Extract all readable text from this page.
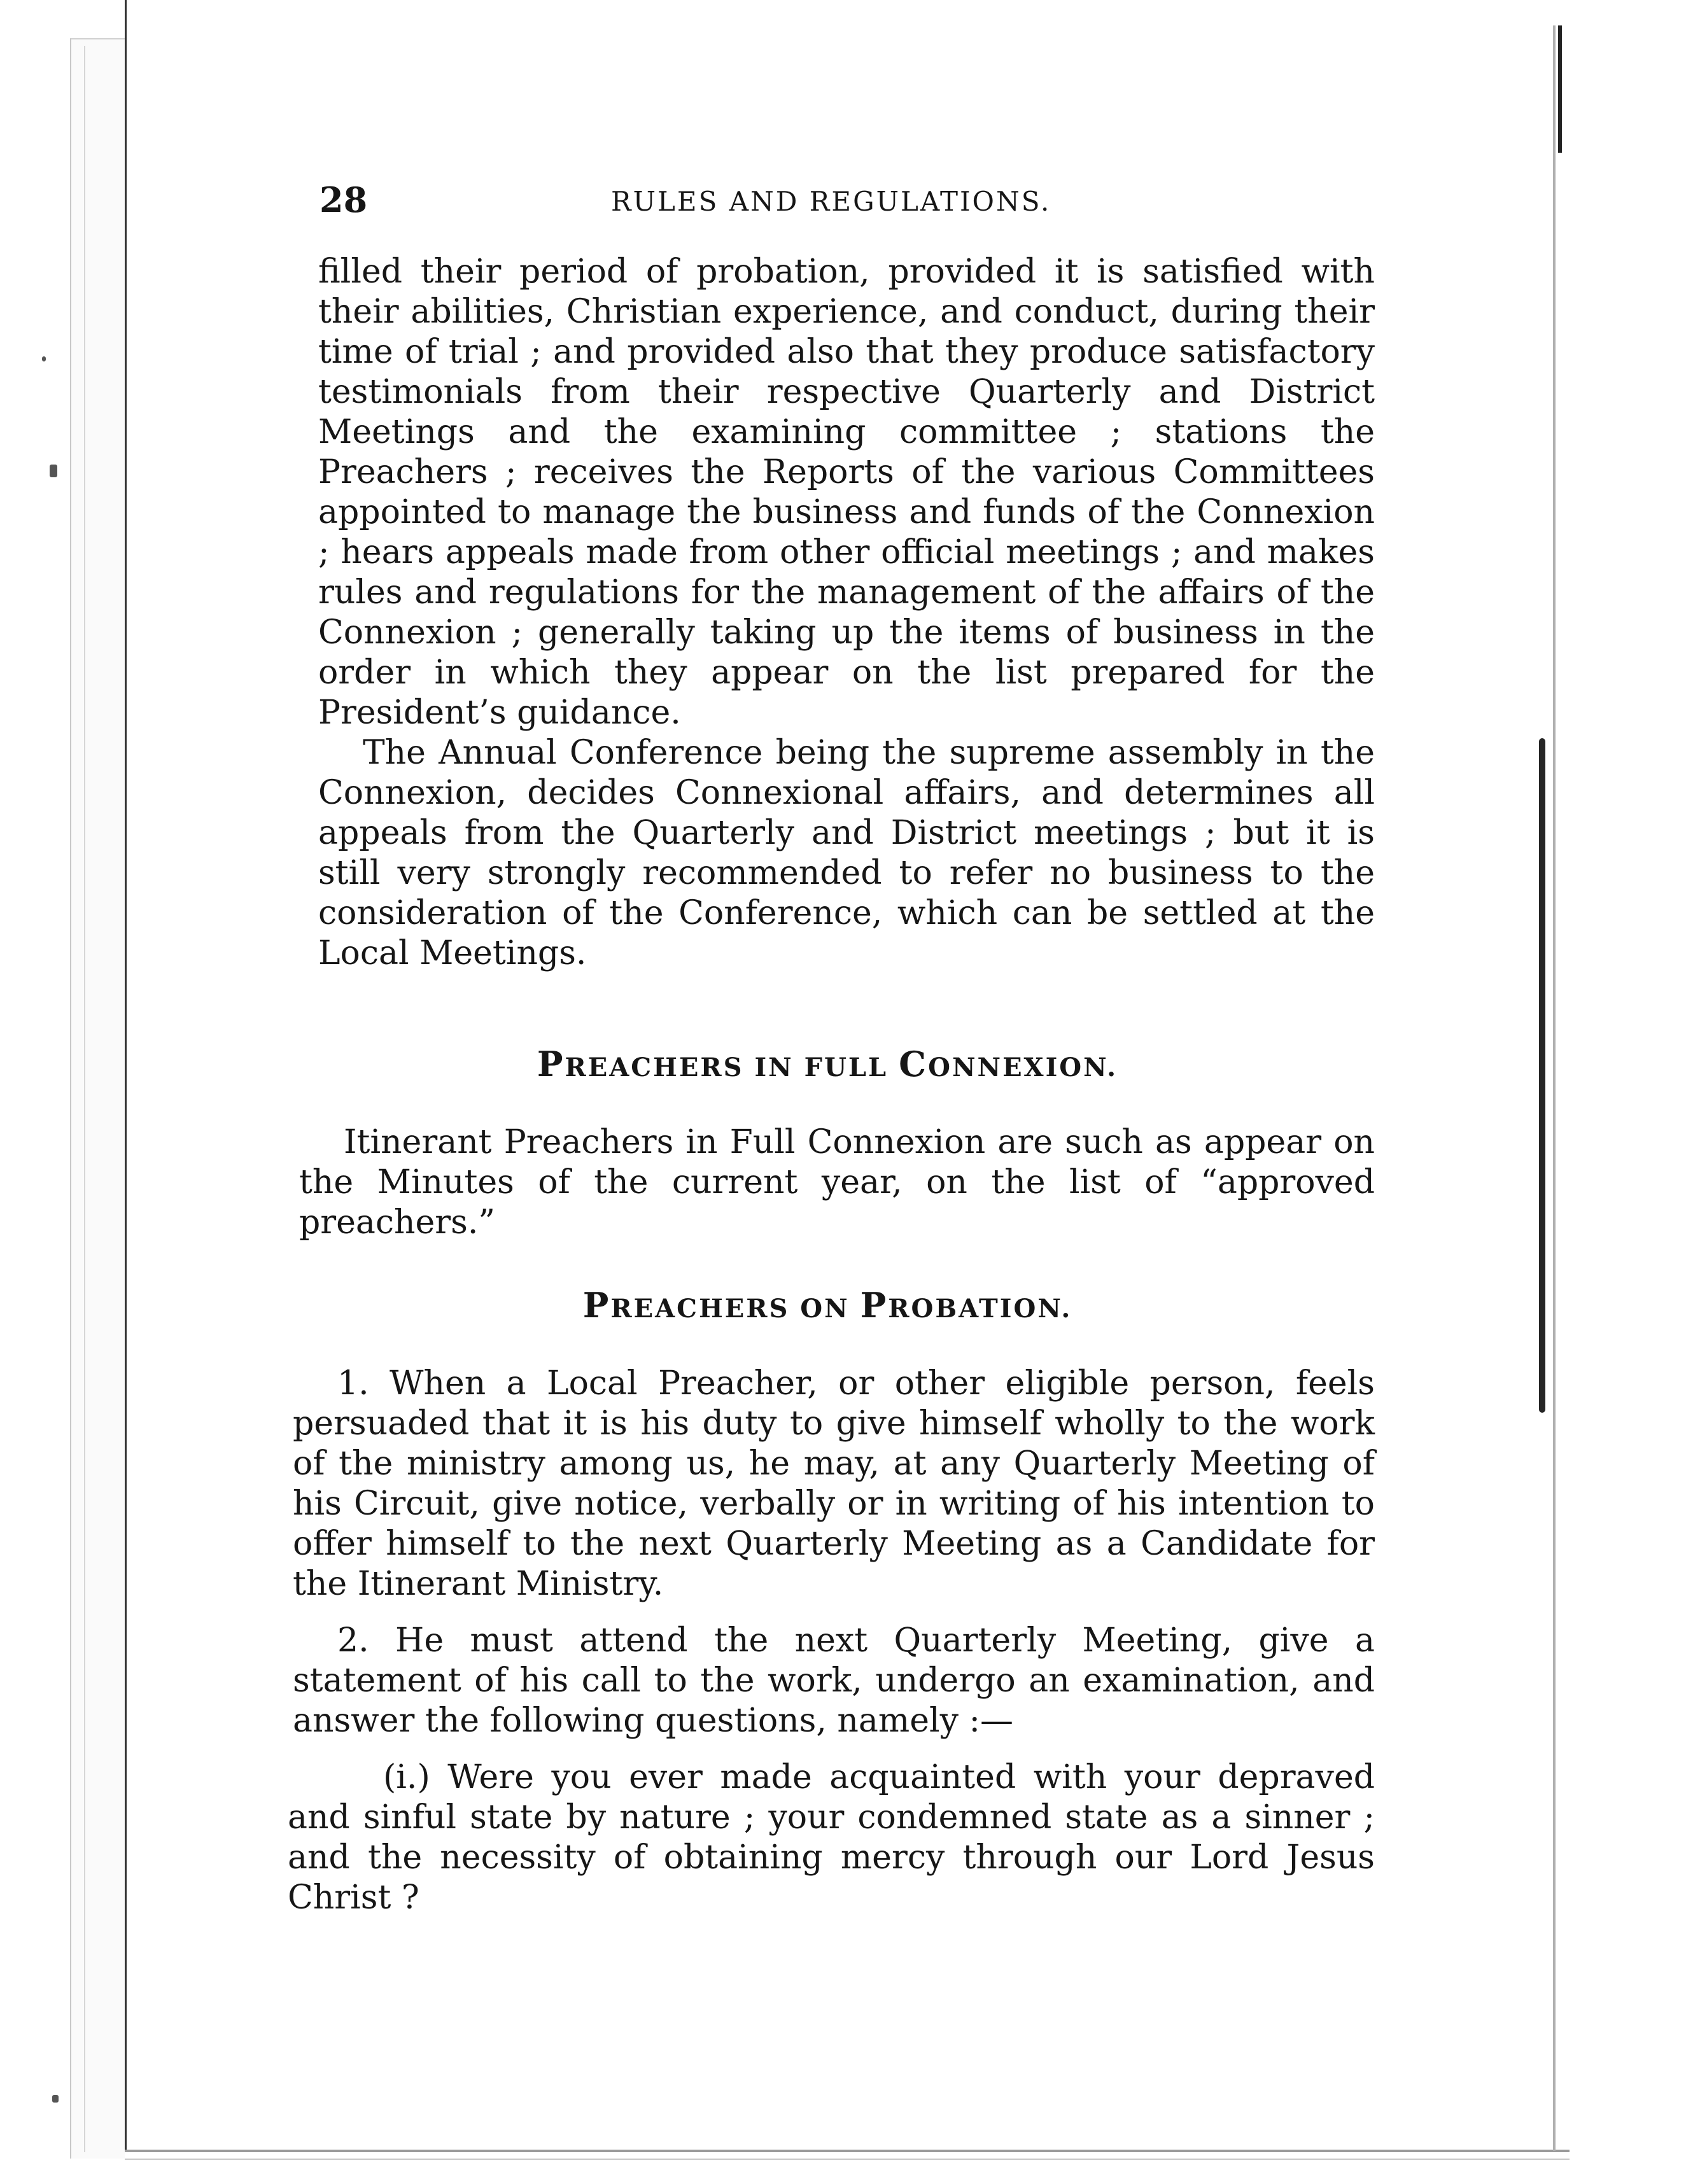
28	RULES AND REGULATIONS.

filled their period of probation, provided it is satisfied with their abilities, Christian experience, and conduct, during their time of trial ; and provided also that they produce satisfactory testimonials from their respective Quarterly and District Meetings and the examining committee ; stations the Preachers ; receives the Reports of the various Committees appointed to manage the business and funds of the Connexion ; hears appeals made from other official meetings ; and makes rules and regulations for the management of the affairs of the Connexion ; generally taking up the items of business in the order in which they appear on the list prepared for the President’s guidance.

The Annual Conference being the supreme assembly in the Connexion, decides Connexional affairs, and determines all appeals from the Quarterly and District meetings ; but it is still very strongly recommended to refer no business to the consideration of the Conference, which can be settled at the Local Meetings.

PREACHERS IN FULL CONNEXION.

Itinerant Preachers in Full Connexion are such as appear on the Minutes of the current year, on the list of “approved preachers.”

PREACHERS ON PROBATION.

1. When a Local Preacher, or other eligible person, feels persuaded that it is his duty to give himself wholly to the work of the ministry among us, he may, at any Quarterly Meeting of his Circuit, give notice, verbally or in writing of his intention to offer himself to the next Quarterly Meeting as a Candidate for the Itinerant Ministry.

2. He must attend the next Quarterly Meeting, give a statement of his call to the work, undergo an examination, and answer the following questions, namely :—

(i.) Were you ever made acquainted with your depraved and sinful state by nature ; your condemned state as a sinner ; and the necessity of obtaining mercy through our Lord Jesus Christ ?
